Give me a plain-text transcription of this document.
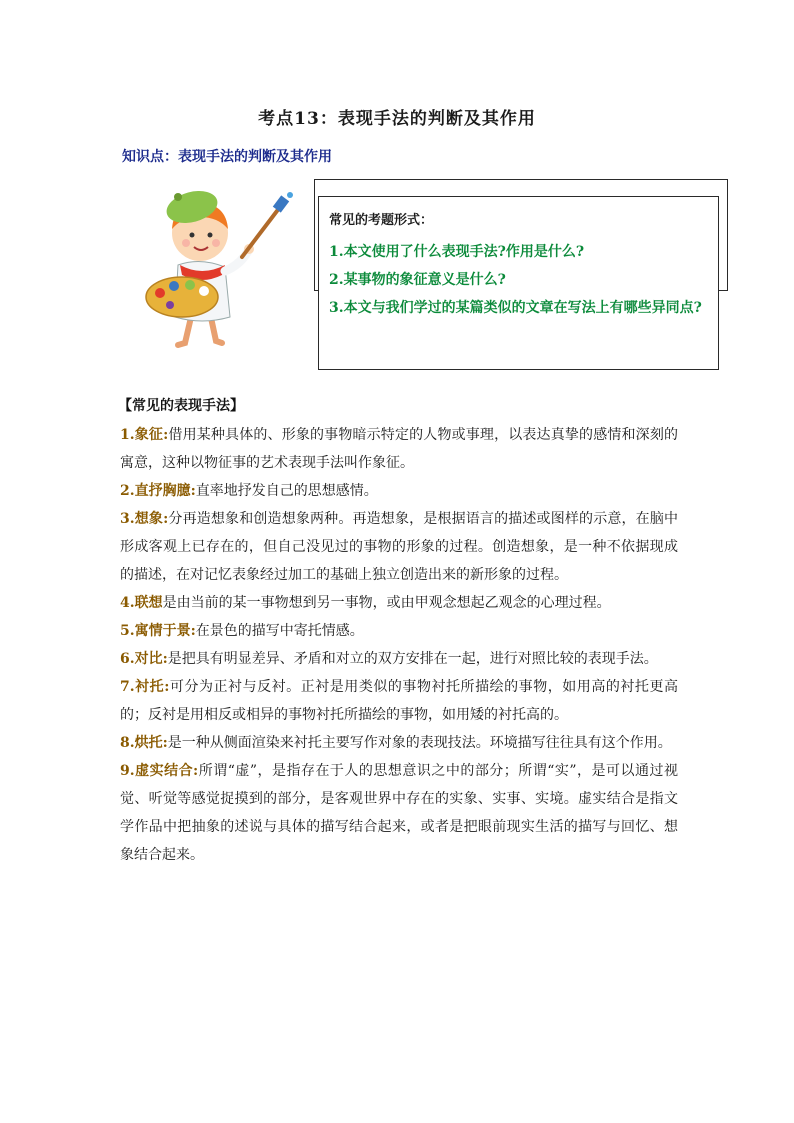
考点13：表现手法的判断及其作用
知识点：表现手法的判断及其作用
常见的考题形式：
1.本文使用了什么表现手法?作用是什么?
2.某事物的象征意义是什么?
3.本文与我们学过的某篇类似的文章在写法上有哪些异同点?
【常见的表现手法】
1.象征:借用某种具体的、形象的事物暗示特定的人物或事理，以表达真挚的感情和深刻的寓意，这种以物征事的艺术表现手法叫作象征。
2.直抒胸臆:直率地抒发自己的思想感情。
3.想象:分再造想象和创造想象两种。再造想象，是根据语言的描述或图样的示意，在脑中形成客观上已存在的，但自己没见过的事物的形象的过程。创造想象，是一种不依据现成的描述，在对记忆表象经过加工的基础上独立创造出来的新形象的过程。
4.联想是由当前的某一事物想到另一事物，或由甲观念想起乙观念的心理过程。
5.寓情于景:在景色的描写中寄托情感。
6.对比:是把具有明显差异、矛盾和对立的双方安排在一起，进行对照比较的表现手法。
7.衬托:可分为正衬与反衬。正衬是用类似的事物衬托所描绘的事物，如用高的衬托更高的；反衬是用相反或相异的事物衬托所描绘的事物，如用矮的衬托高的。
8.烘托:是一种从侧面渲染来衬托主要写作对象的表现技法。环境描写往往具有这个作用。
9.虚实结合:所谓“虚”，是指存在于人的思想意识之中的部分；所谓“实”，是可以通过视觉、听觉等感觉捉摸到的部分，是客观世界中存在的实象、实事、实境。虚实结合是指文学作品中把抽象的述说与具体的描写结合起来，或者是把眼前现实生活的描写与回忆、想象结合起来。
